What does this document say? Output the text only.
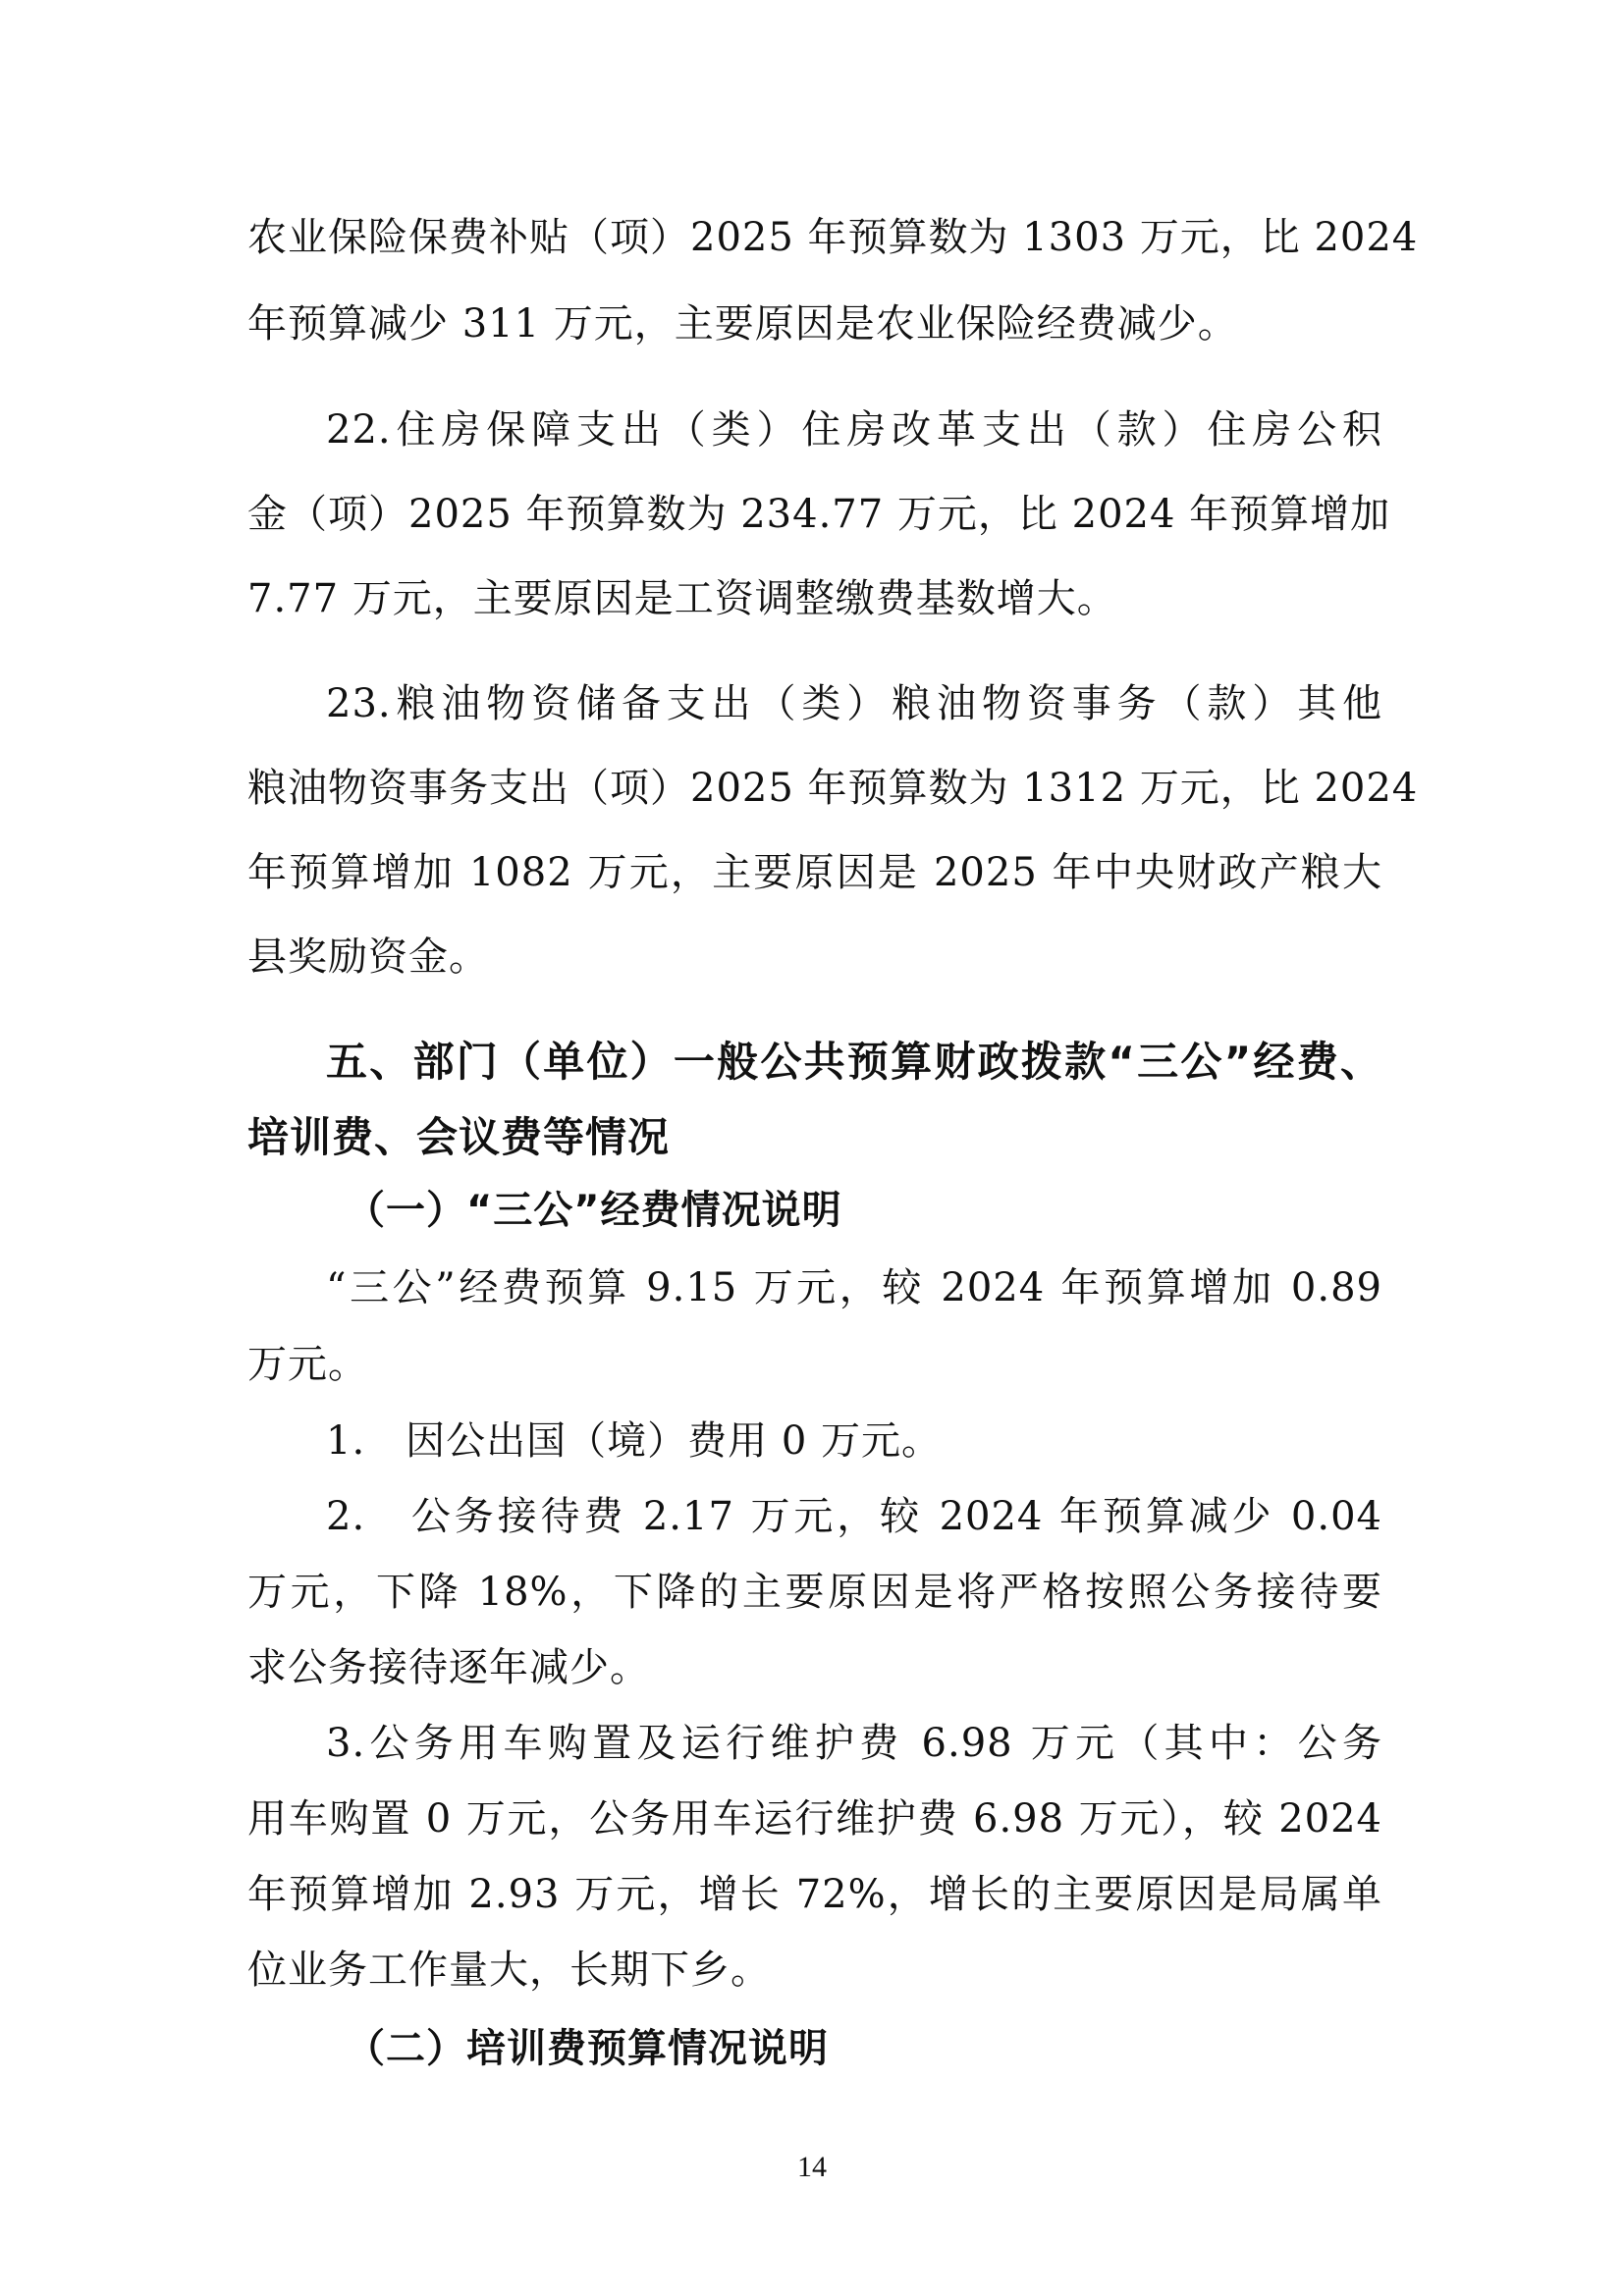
农业保险保费补贴（项）2025 年预算数为 1303 万元，比 2024
年预算减少 311 万元，主要原因是农业保险经费减少。
22.住房保障支出（类）住房改革支出（款）住房公积
金（项）2025 年预算数为 234.77 万元，比 2024 年预算增加
7.77 万元，主要原因是工资调整缴费基数增大。
23.粮油物资储备支出（类）粮油物资事务（款）其他
粮油物资事务支出（项）2025 年预算数为 1312 万元，比 2024
年预算增加 1082 万元，主要原因是 2025 年中央财政产粮大
县奖励资金。
五、部门（单位）一般公共预算财政拨款“三公”经费、
培训费、会议费等情况
（一）“三公”经费情况说明
“三公”经费预算 9.15 万元，较 2024 年预算增加 0.89
万元。
1.　因公出国（境）费用 0 万元。
2.　公务接待费 2.17 万元，较 2024 年预算减少 0.04
万元，下降 18%，下降的主要原因是将严格按照公务接待要
求公务接待逐年减少。
3.公务用车购置及运行维护费 6.98 万元（其中：公务
用车购置 0 万元，公务用车运行维护费 6.98 万元），较 2024
年预算增加 2.93 万元，增长 72%，增长的主要原因是局属单
位业务工作量大，长期下乡。
（二）培训费预算情况说明
14
